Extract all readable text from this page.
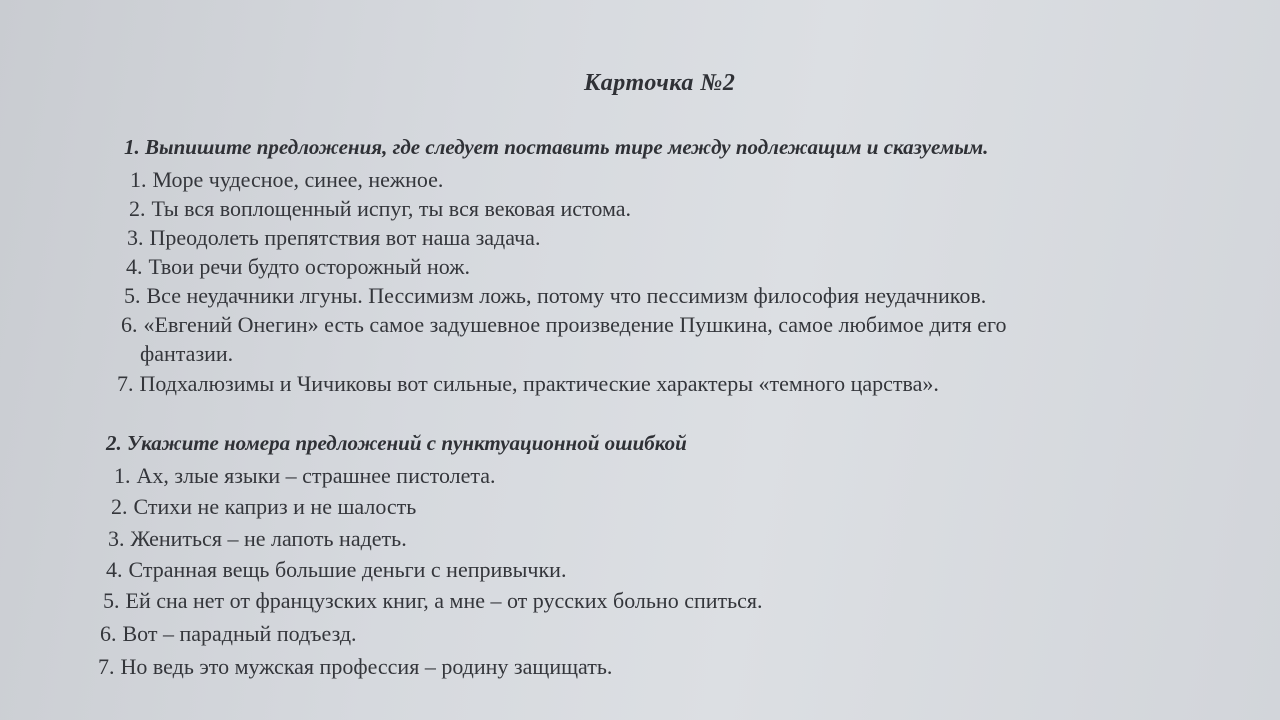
Карточка №2
1. Выпишите предложения, где следует поставить тире между подлежащим и сказуемым.
1. Море чудесное, синее, нежное.
2. Ты вся воплощенный испуг, ты вся вековая истома.
3. Преодолеть препятствия вот наша задача.
4. Твои речи будто осторожный нож.
5. Все неудачники лгуны. Пессимизм ложь, потому что пессимизм философия неудачников.
6. «Евгений Онегин» есть самое задушевное произведение Пушкина, самое любимое дитя его
фантазии.
7. Подхалюзимы и Чичиковы вот сильные, практические характеры «темного царства».
2. Укажите номера предложений с пунктуационной ошибкой
1. Ах, злые языки – страшнее пистолета.
2. Стихи не каприз и не шалость
3. Жениться – не лапоть надеть.
4. Странная вещь большие деньги с непривычки.
5. Ей сна нет от французских книг, а мне – от русских больно спиться.
6. Вот – парадный подъезд.
7. Но ведь это мужская профессия – родину защищать.
